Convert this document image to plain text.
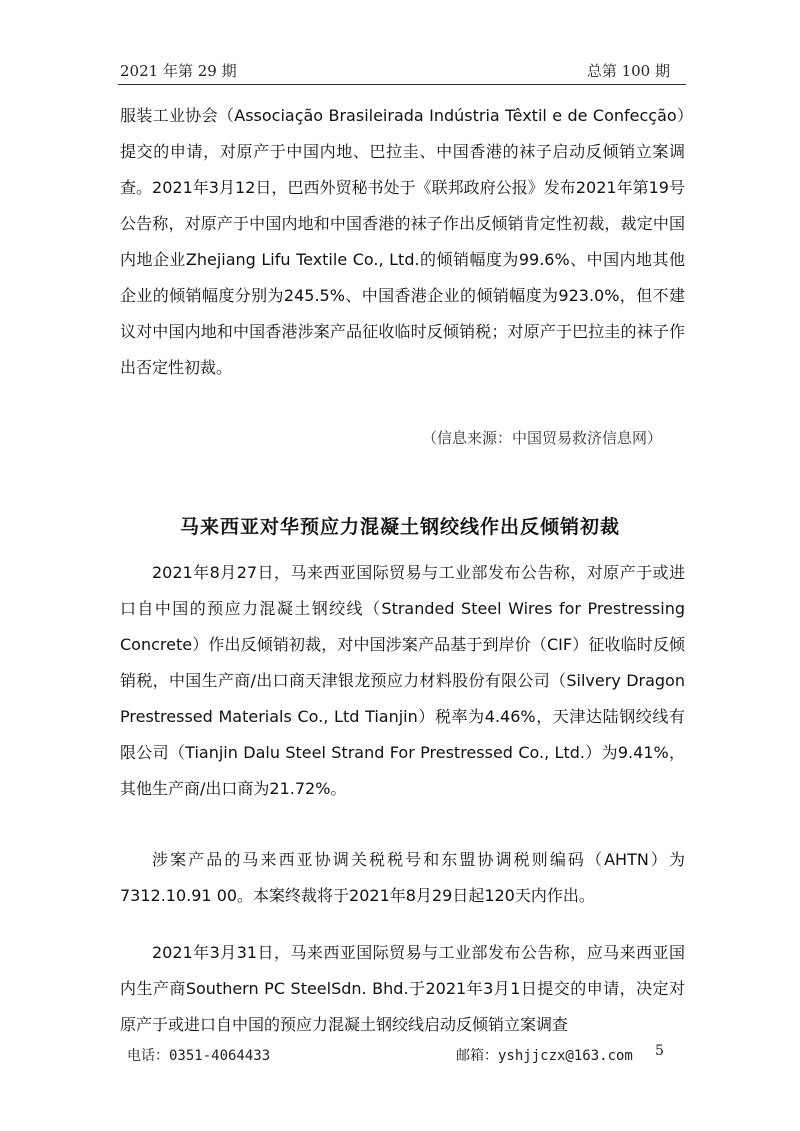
2021 年第 29 期	总第 100 期

服装工业协会（Associação Brasileirada Indústria Têxtil e de Confecção）提交的申请，对原产于中国内地、巴拉圭、中国香港的袜子启动反倾销立案调查。2021年3月12日，巴西外贸秘书处于《联邦政府公报》发布2021年第19号公告称，对原产于中国内地和中国香港的袜子作出反倾销肯定性初裁，裁定中国内地企业Zhejiang Lifu Textile Co., Ltd.的倾销幅度为99.6%、中国内地其他企业的倾销幅度分别为245.5%、中国香港企业的倾销幅度为923.0%，但不建议对中国内地和中国香港涉案产品征收临时反倾销税；对原产于巴拉圭的袜子作出否定性初裁。

（信息来源：中国贸易救济信息网）
马来西亚对华预应力混凝土钢绞线作出反倾销初裁

2021年8月27日，马来西亚国际贸易与工业部发布公告称，对原产于或进口自中国的预应力混凝土钢绞线（Stranded Steel Wires for Prestressing Concrete）作出反倾销初裁，对中国涉案产品基于到岸价（CIF）征收临时反倾销税，中国生产商/出口商天津银龙预应力材料股份有限公司（Silvery Dragon Prestressed Materials Co., Ltd Tianjin）税率为4.46%，天津达陆钢绞线有限公司（Tianjin Dalu Steel Strand For Prestressed Co., Ltd.）为9.41%，其他生产商/出口商为21.72%。

涉案产品的马来西亚协调关税税号和东盟协调税则编码（AHTN）为7312.10.91 00。本案终裁将于2021年8月29日起120天内作出。

2021年3月31日，马来西亚国际贸易与工业部发布公告称，应马来西亚国内生产商Southern PC SteelSdn. Bhd.于2021年3月1日提交的申请，决定对原产于或进口自中国的预应力混凝土钢绞线启动反倾销立案调查

电话：0351-4064433	邮箱：yshjjczx@163.com 5
